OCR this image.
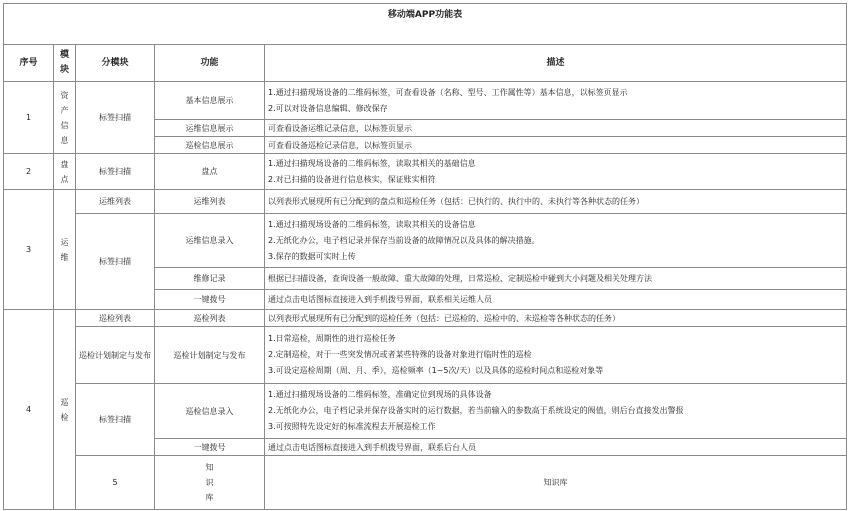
移动端APP功能表					
序号	模块	分模块	功能	描述	
1	资
产
信
息	标签扫描	基本信息展示	1.通过扫描现场设备的二维码标签，可查看设备（名称、型号、工作属性等）基本信息，以标签页显示
2.可以对设备信息编辑、修改保存	

			运维信息展示	可查看设备运维记录信息，以标签页显示	
			巡检信息展示	可查看设备巡检记录信息，以标签页显示	
2	盘
点	标签扫描	盘点	1.通过扫描现场设备的二维码标签，读取其相关的基础信息
2.对已扫描的设备进行信息核实，保证账实相符	

3	运
维	运维列表	运维列表	以列表形式展现所有已分配到的盘点和巡检任务（包括：已执行的、执行中的、未执行等各种状态的任务）	
		标签扫描	运维信息录入	1.通过扫描现场设备的二维码标签，读取其相关的设备信息
2.无纸化办公，电子档记录并保存当前设备的故障情况以及具体的解决措施。
3.保存的数据可实时上传	

			维修记录	根据已扫描设备，查询设备一般故障、重大故障的处理，日常巡检、定制巡检中碰到大小问题及相关处理方法	
			一键拨号	通过点击电话图标直接进入到手机拨号界面，联系相关运维人员	
4	巡
检	巡检列表	巡检列表	以列表形式展现所有已分配到的巡检任务（包括：已巡检的、巡检中的、未巡检等各种状态的任务）	
		巡检计划制定与发布	巡检计划制定与发布	1.日常巡检，周期性的进行巡检任务
2.定制巡检，对于一些突发情况或者某些特殊的设备对象进行临时性的巡检
3.可设定巡检周期（周、月、季），巡检频率（1~5次/天）以及具体的巡检时间点和巡检对象等	

		标签扫描	巡检信息录入	1.通过扫描现场设备的二维码标签，准确定位到现场的具体设备
2.无纸化办公，电子档记录并保存设备实时的运行数据，若当前输入的参数高于系统设定的阀值，则后台直接发出警报
3.可按照特先设定好的标准流程去开展巡检工作	

			一键拨号	通过点击电话图标直接进入到手机拨号界面，联系后台人员	
		5	知
识
库	知识库		
